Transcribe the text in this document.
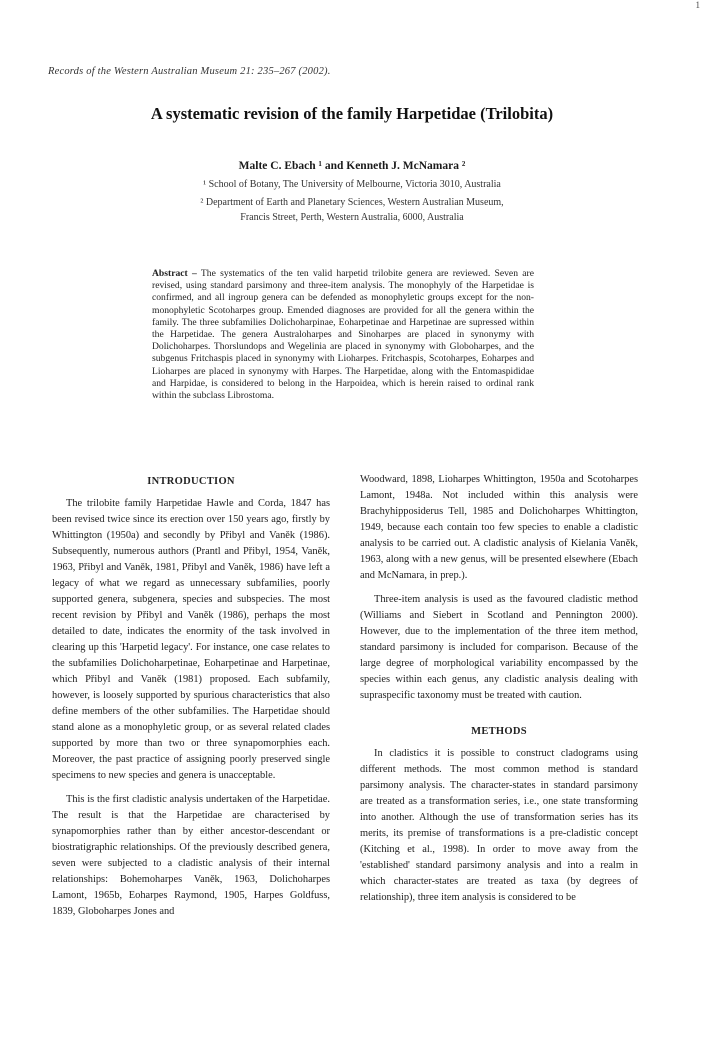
1
Records of the Western Australian Museum 21: 235–267 (2002).
A systematic revision of the family Harpetidae (Trilobita)
Malte C. Ebach ¹ and Kenneth J. McNamara ²
¹ School of Botany, The University of Melbourne, Victoria 3010, Australia
² Department of Earth and Planetary Sciences, Western Australian Museum,
Francis Street, Perth, Western Australia, 6000, Australia
Abstract – The systematics of the ten valid harpetid trilobite genera are reviewed. Seven are revised, using standard parsimony and three-item analysis. The monophyly of the Harpetidae is confirmed, and all ingroup genera can be defended as monophyletic groups except for the non-monophyletic Scotoharpes group. Emended diagnoses are provided for all the genera within the family. The three subfamilies Dolichoharpinae, Eoharpetinae and Harpetinae are supressed within the Harpetidae. The genera Australoharpes and Sinoharpes are placed in synonymy with Dolichoharpes. Thorslundops and Wegelinia are placed in synonymy with Globoharpes, and the subgenus Fritchaspis placed in synonymy with Lioharpes. Fritchaspis, Scotoharpes, Eoharpes and Lioharpes are placed in synonymy with Harpes. The Harpetidae, along with the Entomaspididae and Harpidae, is considered to belong in the Harpoidea, which is herein raised to ordinal rank within the subclass Librostoma.
INTRODUCTION

The trilobite family Harpetidae Hawle and Corda, 1847 has been revised twice since its erection over 150 years ago, firstly by Whittington (1950a) and secondly by Přibyl and Vaněk (1986). Subsequently, numerous authors (Prantl and Přibyl, 1954, Vaněk, 1963, Přibyl and Vaněk, 1981, Přibyl and Vaněk, 1986) have left a legacy of what we regard as unnecessary subfamilies, poorly supported genera, subgenera, species and subspecies. The most recent revision by Přibyl and Vaněk (1986), perhaps the most detailed to date, indicates the enormity of the task involved in clearing up this 'Harpetid legacy'. For instance, one case relates to the subfamilies Dolichoharpetinae, Eoharpetinae and Harpetinae, which Přibyl and Vaněk (1981) proposed. Each subfamily, however, is loosely supported by spurious characteristics that also define members of the other subfamilies. The Harpetidae should stand alone as a monophyletic group, or as several related clades supported by more than two or three synapomorphies each. Moreover, the past practice of assigning poorly preserved single specimens to new species and genera is unacceptable.

This is the first cladistic analysis undertaken of the Harpetidae. The result is that the Harpetidae are characterised by synapomorphies rather than by either ancestor-descendant or biostratigraphic relationships. Of the previously described genera, seven were subjected to a cladistic analysis of their internal relationships: Bohemoharpes Vaněk, 1963, Dolichoharpes Lamont, 1965b, Eoharpes Raymond, 1905, Harpes Goldfuss, 1839, Globoharpes Jones and

Woodward, 1898, Lioharpes Whittington, 1950a and Scotoharpes Lamont, 1948a. Not included within this analysis were Brachyhipposiderus Tell, 1985 and Dolichoharpes Whittington, 1949, because each contain too few species to enable a cladistic analysis to be carried out. A cladistic analysis of Kielania Vaněk, 1963, along with a new genus, will be presented elsewhere (Ebach and McNamara, in prep.).

Three-item analysis is used as the favoured cladistic method (Williams and Siebert in Scotland and Pennington 2000). However, due to the implementation of the three item method, standard parsimony is included for comparison. Because of the large degree of morphological variability encompassed by the species within each genus, any cladistic analysis dealing with supraspecific taxonomy must be treated with caution.

METHODS

In cladistics it is possible to construct cladograms using different methods. The most common method is standard parsimony analysis. The character-states in standard parsimony are treated as a transformation series, i.e., one state transforming into another. Although the use of transformation series has its merits, its premise of transformations is a pre-cladistic concept (Kitching et al., 1998). In order to move away from the 'established' standard parsimony analysis and into a realm in which character-states are treated as taxa (by degrees of relationship), three item analysis is considered to be
